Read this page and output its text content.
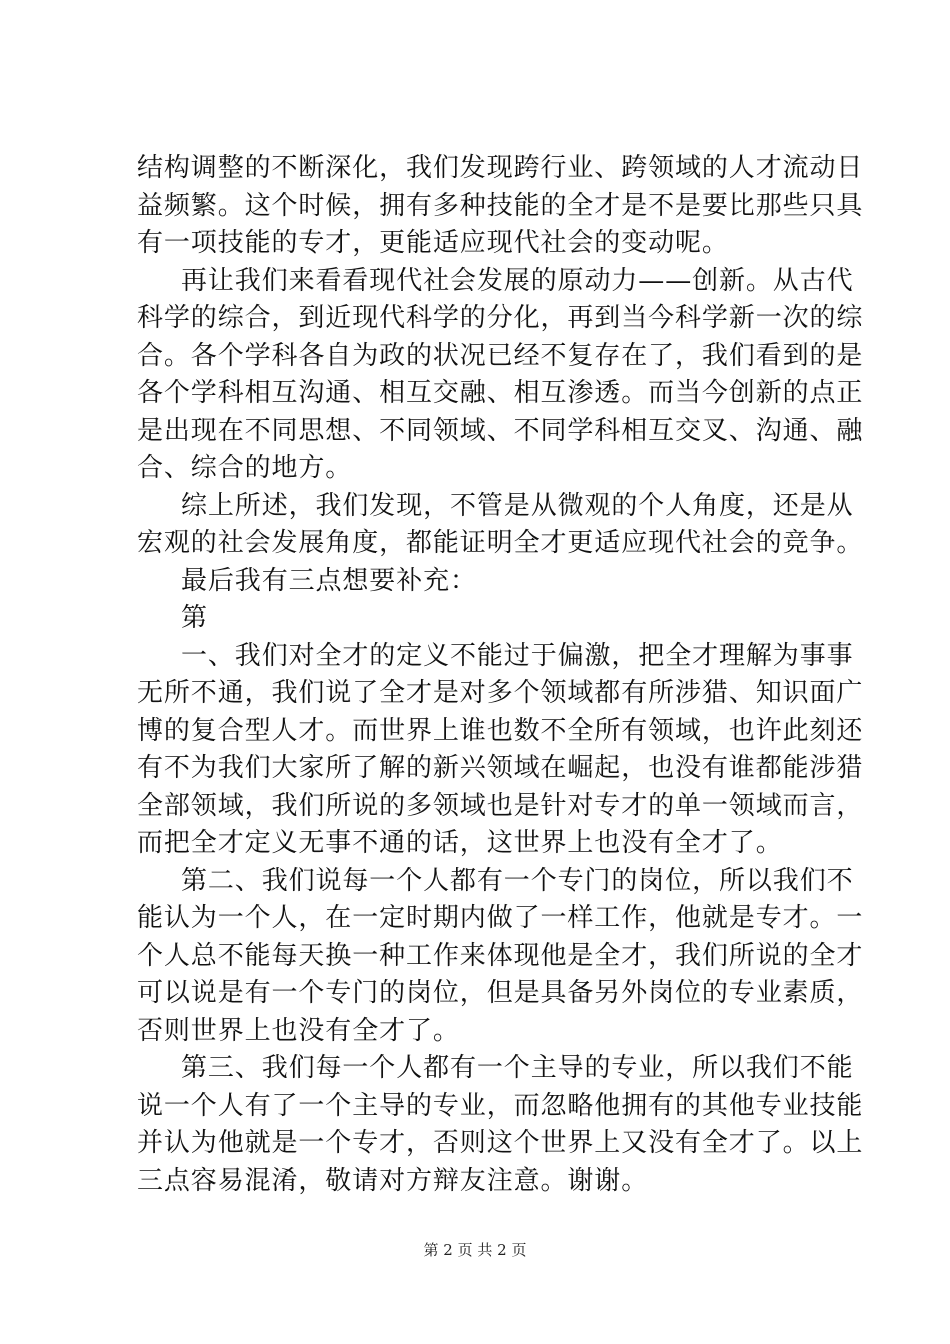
结构调整的不断深化，我们发现跨行业、跨领域的人才流动日
益频繁。这个时候，拥有多种技能的全才是不是要比那些只具
有一项技能的专才，更能适应现代社会的变动呢。
再让我们来看看现代社会发展的原动力——创新。从古代
科学的综合，到近现代科学的分化，再到当今科学新一次的综
合。各个学科各自为政的状况已经不复存在了，我们看到的是
各个学科相互沟通、相互交融、相互渗透。而当今创新的点正
是出现在不同思想、不同领域、不同学科相互交叉、沟通、融
合、综合的地方。
综上所述，我们发现，不管是从微观的个人角度，还是从
宏观的社会发展角度，都能证明全才更适应现代社会的竞争。
最后我有三点想要补充：
第
一、我们对全才的定义不能过于偏激，把全才理解为事事
无所不通，我们说了全才是对多个领域都有所涉猎、知识面广
博的复合型人才。而世界上谁也数不全所有领域，也许此刻还
有不为我们大家所了解的新兴领域在崛起，也没有谁都能涉猎
全部领域，我们所说的多领域也是针对专才的单一领域而言，
而把全才定义无事不通的话，这世界上也没有全才了。
第二、我们说每一个人都有一个专门的岗位，所以我们不
能认为一个人，在一定时期内做了一样工作，他就是专才。一
个人总不能每天换一种工作来体现他是全才，我们所说的全才
可以说是有一个专门的岗位，但是具备另外岗位的专业素质，
否则世界上也没有全才了。
第三、我们每一个人都有一个主导的专业，所以我们不能
说一个人有了一个主导的专业，而忽略他拥有的其他专业技能
并认为他就是一个专才，否则这个世界上又没有全才了。以上
三点容易混淆，敬请对方辩友注意。谢谢。
第 2 页 共 2 页
